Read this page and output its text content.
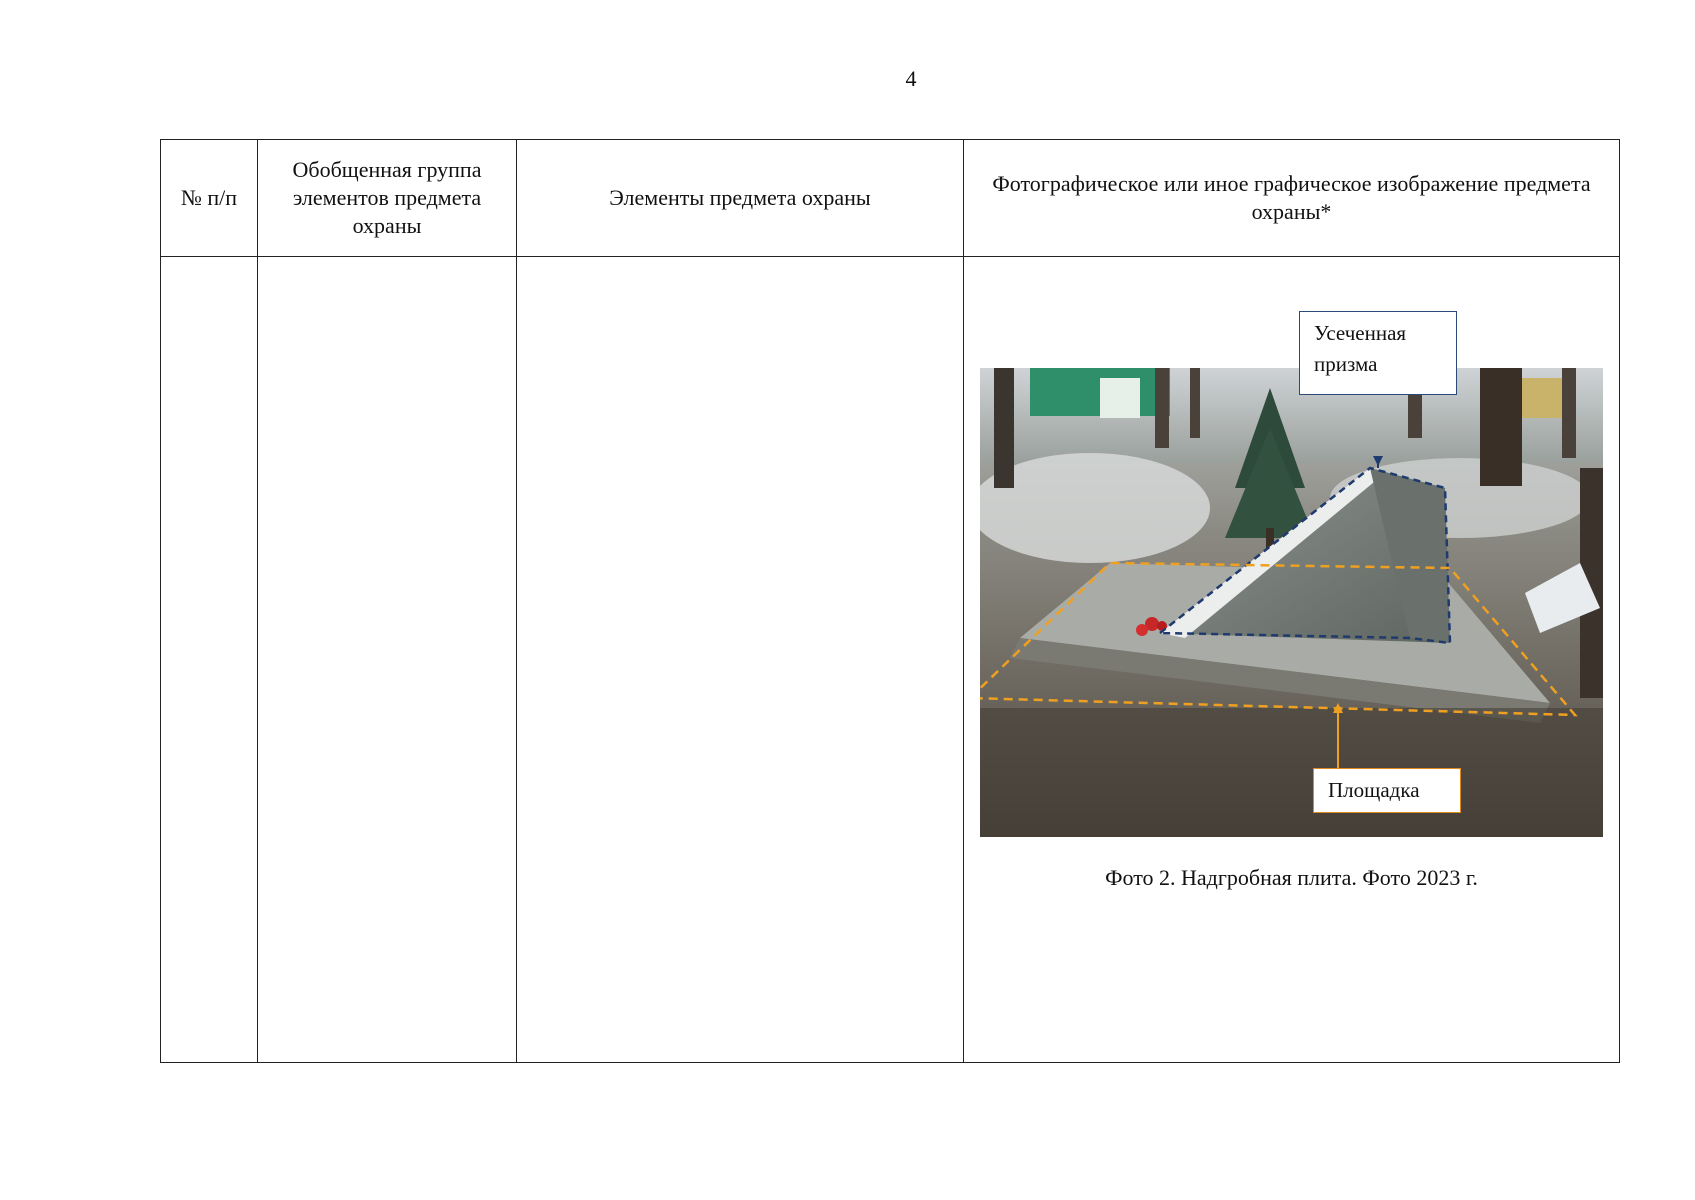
4
№ п/п	Обобщенная группа элементов предмета охраны	Элементы предмета охраны	Фотографическое или иное графическое изображение предмета охраны*

			Усеченная призма
Площадка
Фото 2. Надгробная плита. Фото 2023 г.
